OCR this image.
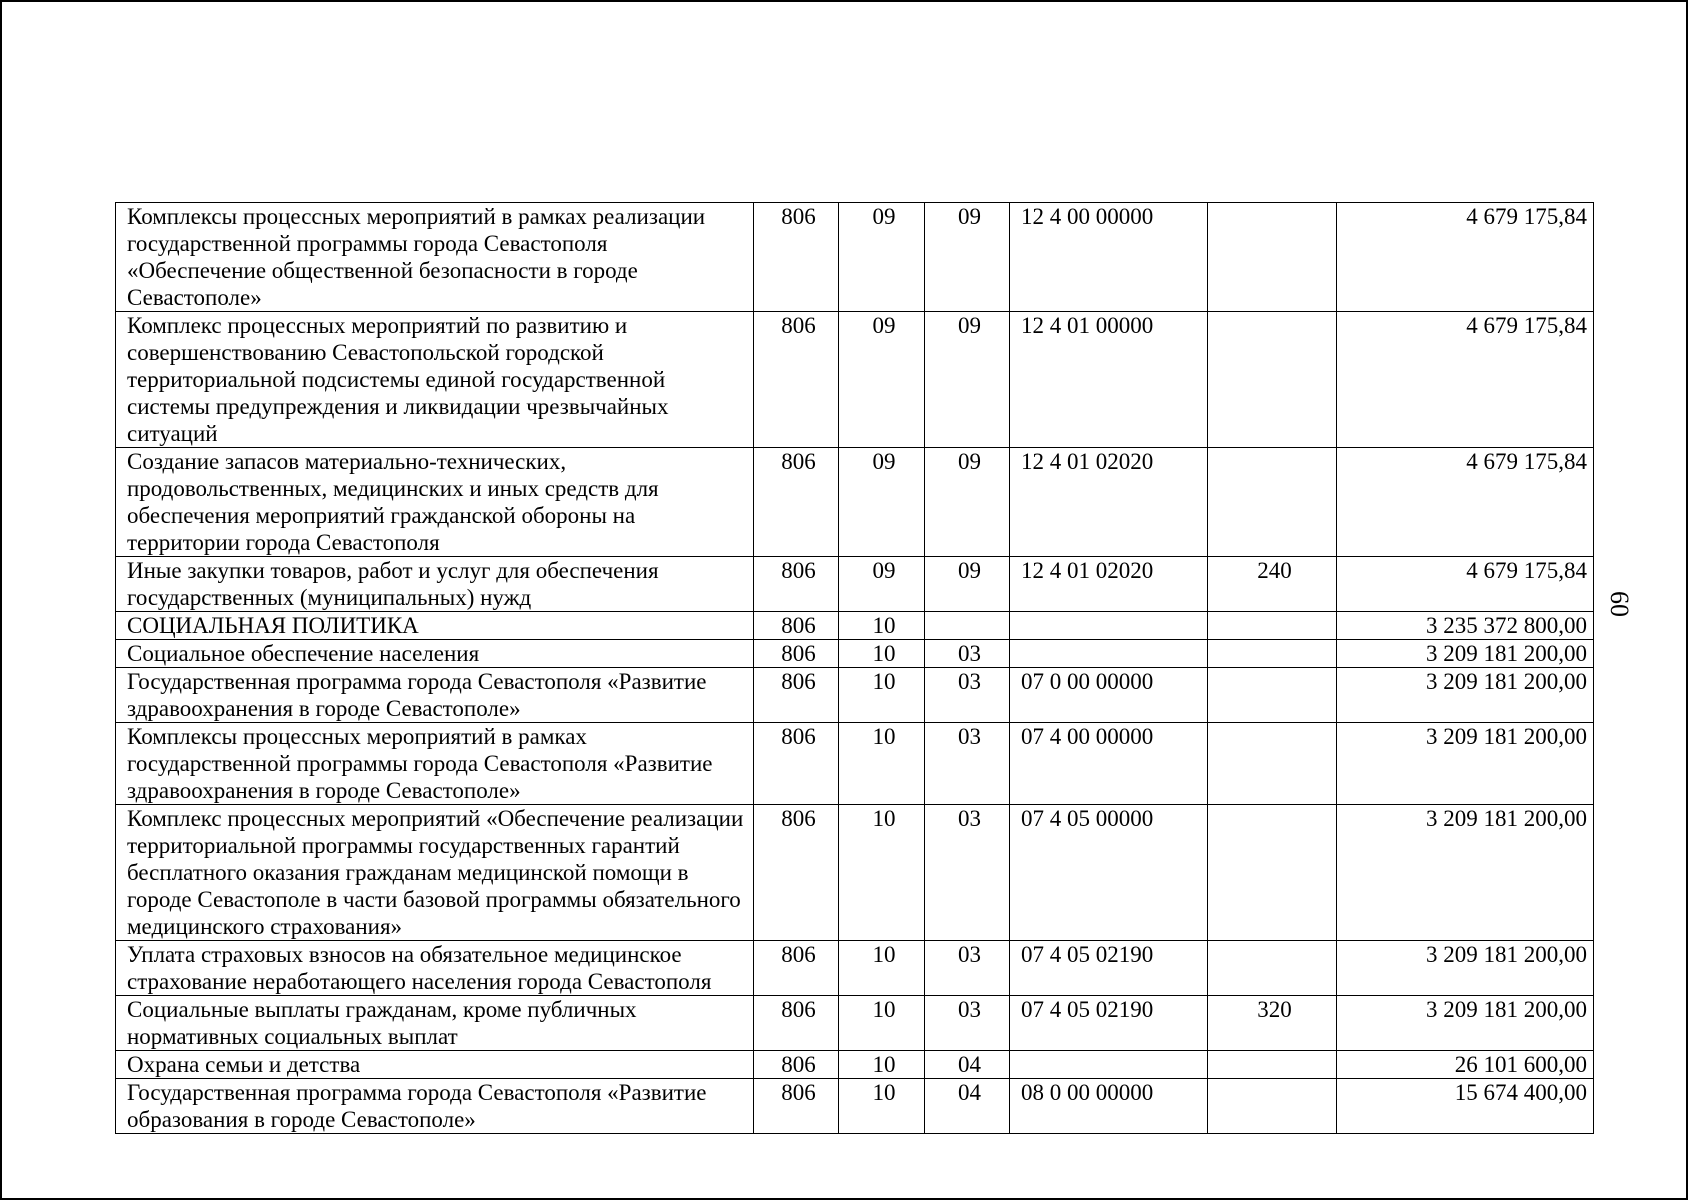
Комплексы процессных мероприятий в рамках реализации государственной программы города Севастополя «Обеспечение общественной безопасности в городе Севастополе»	806	09	09	12 4 00 00000		4 679 175,84
Комплекс процессных мероприятий по развитию и совершенствованию Севастопольской городской территориальной подсистемы единой государственной системы предупреждения и ликвидации чрезвычайных ситуаций	806	09	09	12 4 01 00000		4 679 175,84
Создание запасов материально-технических, продовольственных, медицинских и иных средств для обеспечения мероприятий гражданской обороны на территории города Севастополя	806	09	09	12 4 01 02020		4 679 175,84
Иные закупки товаров, работ и услуг для обеспечения государственных (муниципальных) нужд	806	09	09	12 4 01 02020	240	4 679 175,84
СОЦИАЛЬНАЯ ПОЛИТИКА	806	10				3 235 372 800,00
Социальное обеспечение населения	806	10	03			3 209 181 200,00
Государственная программа города Севастополя «Развитие здравоохранения в городе Севастополе»	806	10	03	07 0 00 00000		3 209 181 200,00
Комплексы процессных мероприятий в рамках государственной программы города Севастополя «Развитие здравоохранения в городе Севастополе»	806	10	03	07 4 00 00000		3 209 181 200,00
Комплекс процессных мероприятий «Обеспечение реализации территориальной программы государственных гарантий бесплатного оказания гражданам медицинской помощи в городе Севастополе в части базовой программы обязательного медицинского страхования»	806	10	03	07 4 05 00000		3 209 181 200,00
Уплата страховых взносов на обязательное медицинское страхование неработающего населения города Севастополя	806	10	03	07 4 05 02190		3 209 181 200,00
Социальные выплаты гражданам, кроме публичных нормативных социальных выплат	806	10	03	07 4 05 02190	320	3 209 181 200,00
Охрана семьи и детства	806	10	04			26 101 600,00
Государственная программа города Севастополя «Развитие образования в городе Севастополе»	806	10	04	08 0 00 00000		15 674 400,00
60
